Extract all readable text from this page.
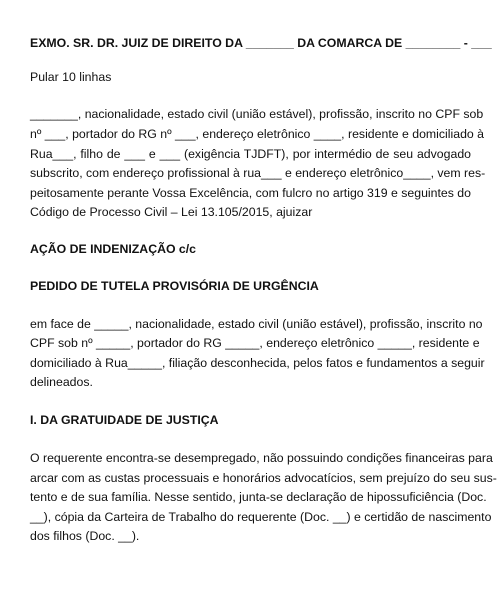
EXMO. SR. DR. JUIZ DE DIREITO DA _______ DA COMARCA DE ________ - ___
Pular 10 linhas
_______, nacionalidade, estado civil (união estável), profissão, inscrito no CPF sob
nº ___, portador do RG nº ___, endereço eletrônico ____, residente e domiciliado à
Rua___, filho de ___ e ___ (exigência TJDFT), por intermédio de seu advogado
subscrito, com endereço profissional à rua___ e endereço eletrônico____, vem res-
peitosamente perante Vossa Excelência, com fulcro no artigo 319 e seguintes do
Código de Processo Civil – Lei 13.105/2015, ajuizar
AÇÃO DE INDENIZAÇÃO c/c
PEDIDO DE TUTELA PROVISÓRIA DE URGÊNCIA
em face de _____, nacionalidade, estado civil (união estável), profissão, inscrito no
CPF sob nº _____, portador do RG _____, endereço eletrônico _____, residente e
domiciliado à Rua_____, filiação desconhecida, pelos fatos e fundamentos a seguir
delineados.
I. DA GRATUIDADE DE JUSTIÇA
O requerente encontra-se desempregado, não possuindo condições financeiras para
arcar com as custas processuais e honorários advocatícios, sem prejuízo do seu sus-
tento e de sua família. Nesse sentido, junta-se declaração de hipossuficiência (Doc.
__), cópia da Carteira de Trabalho do requerente (Doc. __) e certidão de nascimento
dos filhos (Doc. __).
